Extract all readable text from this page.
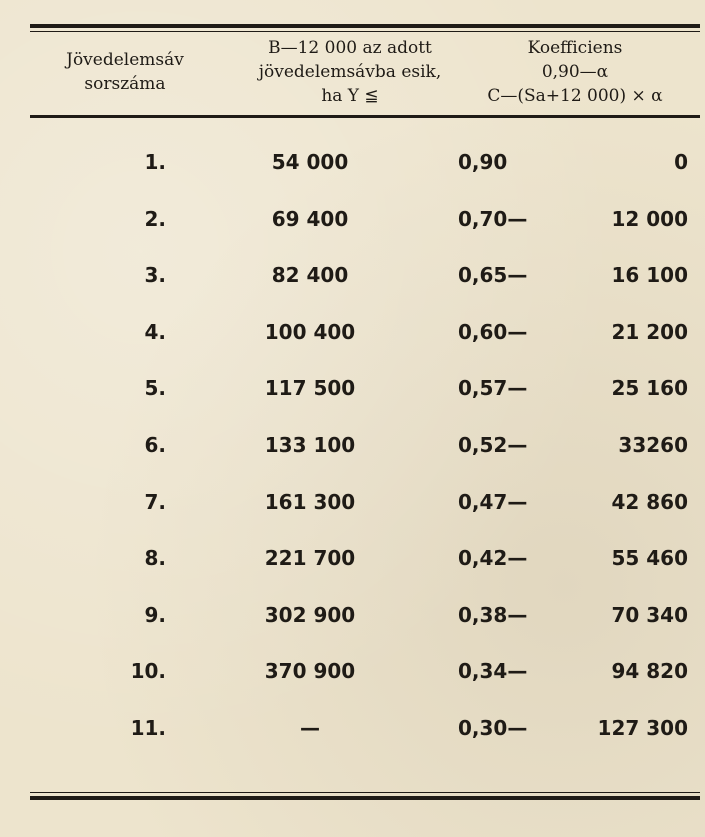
Jövedelemsáv
sorszáma
B—12 000 az adott
jövedelemsávba esik,
ha Y ≦
Koefficiens
0,90—α
C—(Sa+12 000) ⨯ α
1.	54 000	0,90	0
2.	69 400	0,70—	12 000
3.	82 400	0,65—	16 100
4.	100 400	0,60—	21 200
5.	117 500	0,57—	25 160
6.	133 100	0,52—	33260
7.	161 300	0,47—	42 860
8.	221 700	0,42—	55 460
9.	302 900	0,38—	70 340
10.	370 900	0,34—	94 820
11.	—	0,30—	127 300
